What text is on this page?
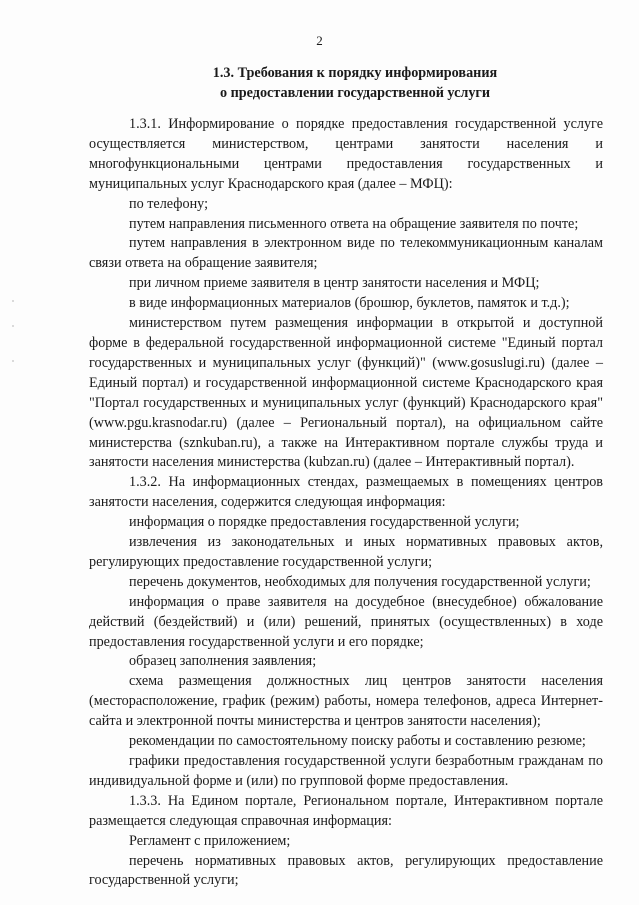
2
1.3. Требования к порядку информирования
о предоставлении государственной услуги

1.3.1. Информирование о порядке предоставления государственной услуге осуществляется министерством, центрами занятости населения и многофункциональными центрами предоставления государственных и муниципальных услуг Краснодарского края (далее – МФЦ):

по телефону;

путем направления письменного ответа на обращение заявителя по почте;

путем направления в электронном виде по телекоммуникационным каналам связи ответа на обращение заявителя;

при личном приеме заявителя в центр занятости населения и МФЦ;

в виде информационных материалов (брошюр, буклетов, памяток и т.д.);

министерством путем размещения информации в открытой и доступной форме в федеральной государственной информационной системе "Единый портал государственных и муниципальных услуг (функций)" (www.gosuslugi.ru) (далее – Единый портал) и государственной информационной системе Краснодарского края "Портал государственных и муниципальных услуг (функций) Краснодарского края" (www.pgu.krasnodar.ru) (далее – Региональный портал), на официальном сайте министерства (sznkuban.ru), а также на Интерактивном портале службы труда и занятости населения министерства (kubzan.ru) (далее – Интерактивный портал).

1.3.2. На информационных стендах, размещаемых в помещениях центров занятости населения, содержится следующая информация:

информация о порядке предоставления государственной услуги;

извлечения из законодательных и иных нормативных правовых актов, регулирующих предоставление государственной услуги;

перечень документов, необходимых для получения государственной услуги;

информация о праве заявителя на досудебное (внесудебное) обжалование действий (бездействий) и (или) решений, принятых (осуществленных) в ходе предоставления государственной услуги и его порядке;

образец заполнения заявления;

схема размещения должностных лиц центров занятости населения (месторасположение, график (режим) работы, номера телефонов, адреса Интернет-сайта и электронной почты министерства и центров занятости населения);

рекомендации по самостоятельному поиску работы и составлению резюме;

графики предоставления государственной услуги безработным гражданам по индивидуальной форме и (или) по групповой форме предоставления.

1.3.3. На Едином портале, Региональном портале, Интерактивном портале размещается следующая справочная информация:

Регламент с приложением;

перечень нормативных правовых актов, регулирующих предоставление государственной услуги;
